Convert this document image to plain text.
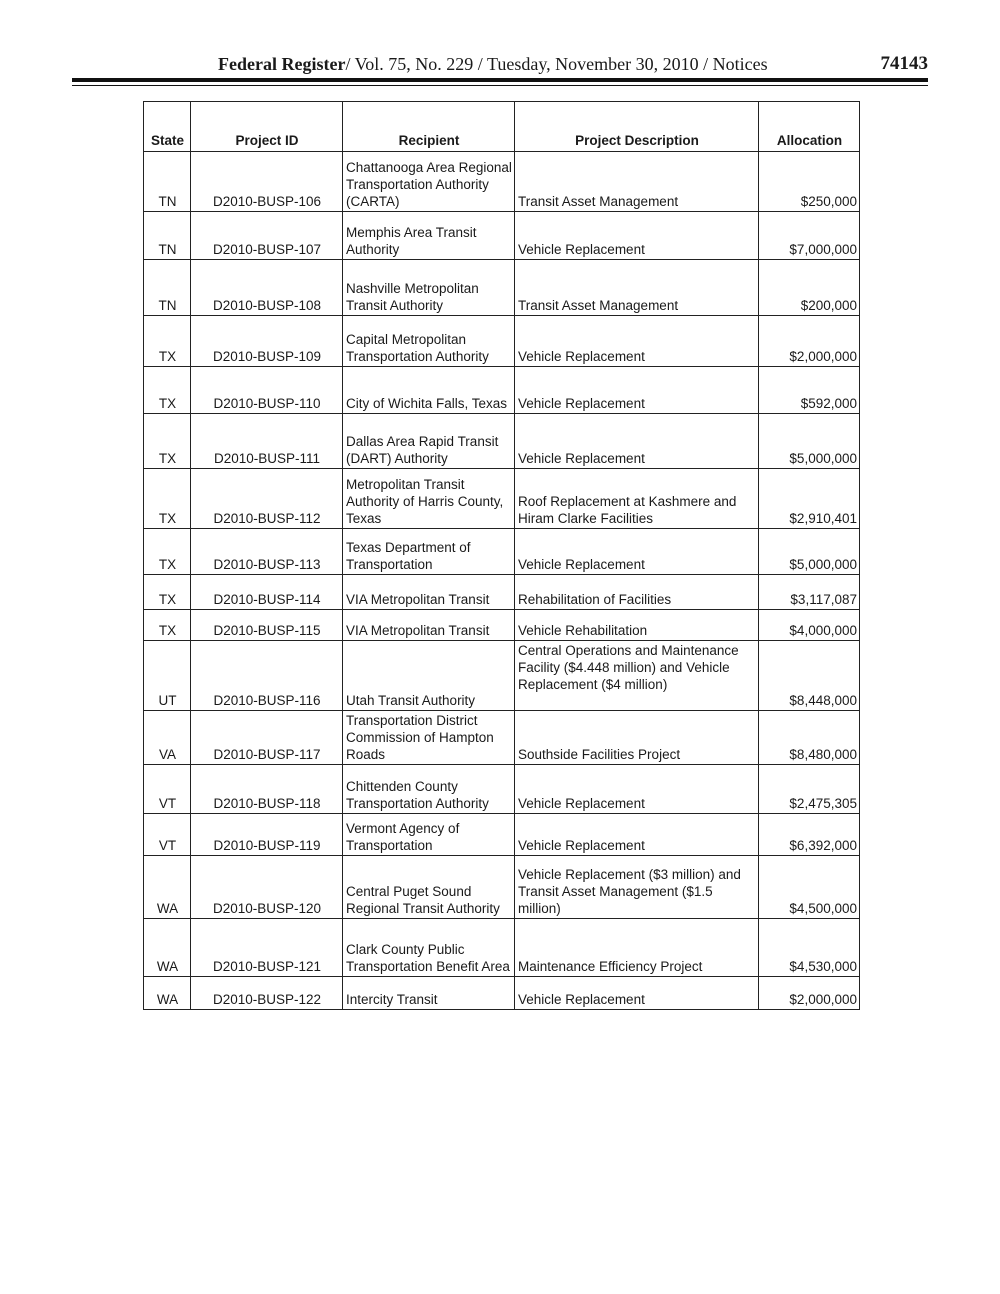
Federal Register/ Vol. 75, No. 229 / Tuesday, November 30, 2010 / Notices	74143
State	Project ID	Recipient	Project Description	Allocation
TN	D2010-BUSP-106	Chattanooga Area Regional Transportation Authority (CARTA)	Transit Asset Management	$250,000
TN	D2010-BUSP-107	Memphis Area Transit Authority	Vehicle Replacement	$7,000,000
TN	D2010-BUSP-108	Nashville Metropolitan Transit Authority	Transit Asset Management	$200,000
TX	D2010-BUSP-109	Capital Metropolitan Transportation Authority	Vehicle Replacement	$2,000,000
TX	D2010-BUSP-110	City of Wichita Falls, Texas	Vehicle Replacement	$592,000
TX	D2010-BUSP-111	Dallas Area Rapid Transit (DART) Authority	Vehicle Replacement	$5,000,000
TX	D2010-BUSP-112	Metropolitan Transit Authority of Harris County, Texas	Roof Replacement at Kashmere and Hiram Clarke Facilities	$2,910,401
TX	D2010-BUSP-113	Texas Department of Transportation	Vehicle Replacement	$5,000,000
TX	D2010-BUSP-114	VIA Metropolitan Transit	Rehabilitation of Facilities	$3,117,087
TX	D2010-BUSP-115	VIA Metropolitan Transit	Vehicle Rehabilitation	$4,000,000
UT	D2010-BUSP-116	Utah Transit Authority	Central Operations and Maintenance Facility ($4.448 million) and Vehicle Replacement ($4 million)	$8,448,000
VA	D2010-BUSP-117	Transportation District Commission of Hampton Roads	Southside Facilities Project	$8,480,000
VT	D2010-BUSP-118	Chittenden County Transportation Authority	Vehicle Replacement	$2,475,305
VT	D2010-BUSP-119	Vermont Agency of Transportation	Vehicle Replacement	$6,392,000
WA	D2010-BUSP-120	Central Puget Sound Regional Transit Authority	Vehicle Replacement ($3 million) and Transit Asset Management ($1.5 million)	$4,500,000
WA	D2010-BUSP-121	Clark County Public Transportation Benefit Area	Maintenance Efficiency Project	$4,530,000
WA	D2010-BUSP-122	Intercity Transit	Vehicle Replacement	$2,000,000
